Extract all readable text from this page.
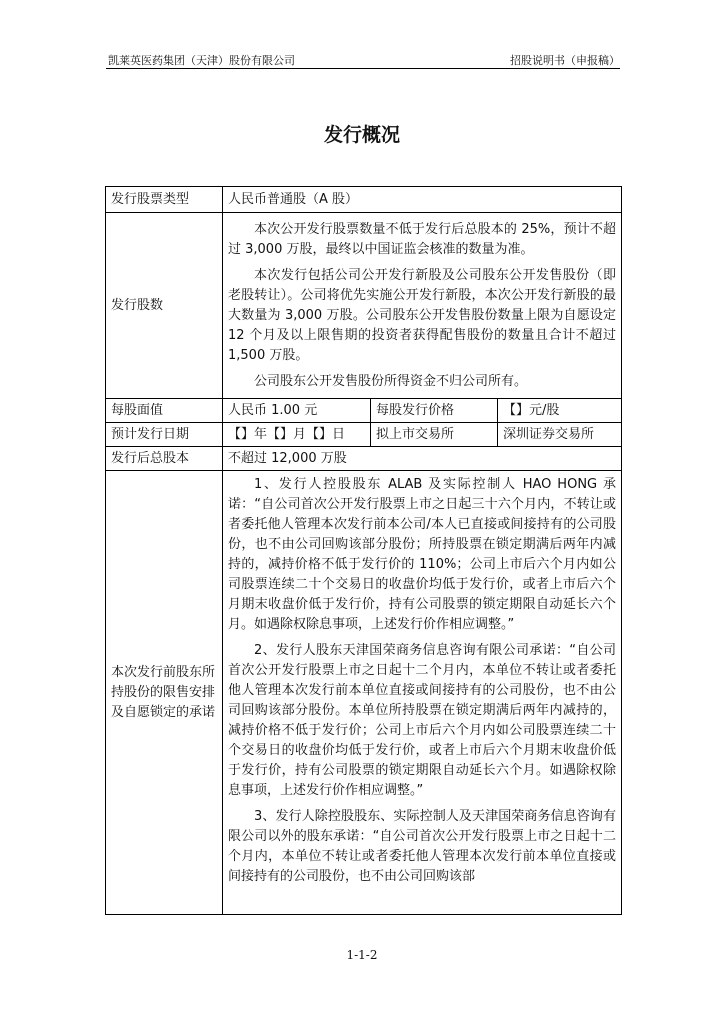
凯莱英医药集团（天津）股份有限公司	招股说明书（申报稿）
发行概况
发行股票类型	人民币普通股（A 股）		
发行股数	本次公开发行股票数量不低于发行后总股本的 25%，预计不超过 3,000 万股，最终以中国证监会核准的数量为准。

本次发行包括公司公开发行新股及公司股东公开发售股份（即老股转让）。公司将优先实施公开发行新股，本次公开发行新股的最大数量为 3,000 万股。公司股东公开发售股份数量上限为自愿设定 12 个月及以上限售期的投资者获得配售股份的数量且合计不超过 1,500 万股。

公司股东公开发售股份所得资金不归公司所有。		

每股面值	人民币 1.00 元	每股发行价格	【】元/股
预计发行日期	【】年【】月【】日	拟上市交易所	深圳证券交易所
发行后总股本	不超过 12,000 万股		
本次发行前股东所持股份的限售安排及自愿锁定的承诺	1、发行人控股股东 ALAB 及实际控制人 HAO HONG 承诺：“自公司首次公开发行股票上市之日起三十六个月内，不转让或者委托他人管理本次发行前本公司/本人已直接或间接持有的公司股份，也不由公司回购该部分股份；所持股票在锁定期满后两年内减持的，减持价格不低于发行价的 110%；公司上市后六个月内如公司股票连续二十个交易日的收盘价均低于发行价，或者上市后六个月期末收盘价低于发行价，持有公司股票的锁定期限自动延长六个月。如遇除权除息事项，上述发行价作相应调整。”

2、发行人股东天津国荣商务信息咨询有限公司承诺：“自公司首次公开发行股票上市之日起十二个月内，本单位不转让或者委托他人管理本次发行前本单位直接或间接持有的公司股份，也不由公司回购该部分股份。本单位所持股票在锁定期满后两年内减持的，减持价格不低于发行价；公司上市后六个月内如公司股票连续二十个交易日的收盘价均低于发行价，或者上市后六个月期末收盘价低于发行价，持有公司股票的锁定期限自动延长六个月。如遇除权除息事项，上述发行价作相应调整。”

3、发行人除控股股东、实际控制人及天津国荣商务信息咨询有限公司以外的股东承诺：“自公司首次公开发行股票上市之日起十二个月内，本单位不转让或者委托他人管理本次发行前本单位直接或间接持有的公司股份，也不由公司回购该部		

1-1-2
